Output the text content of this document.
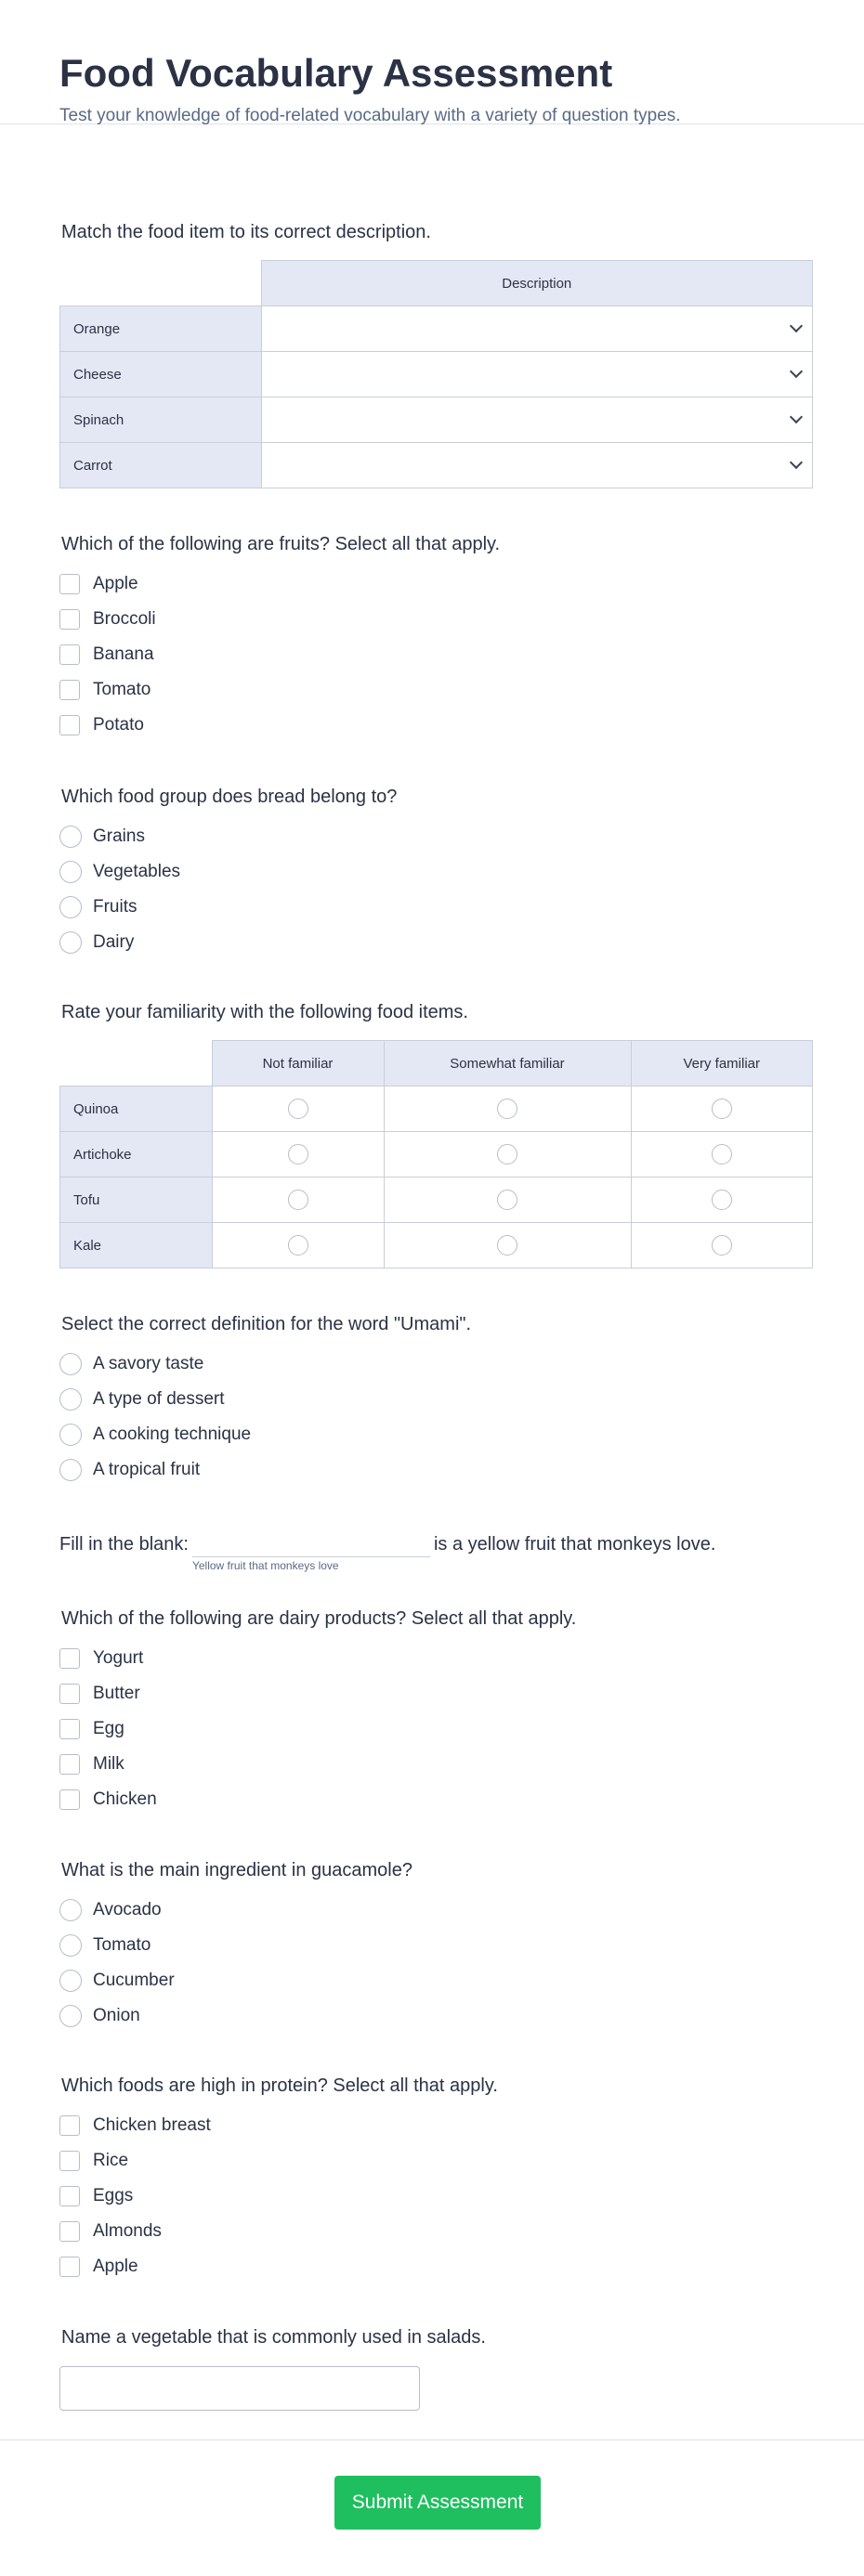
Food Vocabulary Assessment
Test your knowledge of food-related vocabulary with a variety of question types.
Match the food item to its correct description.
	Description
Orange	

Cheese	

Spinach	

Carrot	
Which of the following are fruits? Select all that apply.
Apple
Broccoli
Banana
Tomato
Potato
Which food group does bread belong to?
Grains
Vegetables
Fruits
Dairy
Rate your familiarity with the following food items.
	Not familiar	Somewhat familiar	Very familiar
Quinoa			
Artichoke			
Tofu			
Kale			
Select the correct definition for the word "Umami".
A savory taste
A type of dessert
A cooking technique
A tropical fruit
Fill in the blank:
Yellow fruit that monkeys love
is a yellow fruit that monkeys love.
Which of the following are dairy products? Select all that apply.
Yogurt
Butter
Egg
Milk
Chicken
What is the main ingredient in guacamole?
Avocado
Tomato
Cucumber
Onion
Which foods are high in protein? Select all that apply.
Chicken breast
Rice
Eggs
Almonds
Apple
Name a vegetable that is commonly used in salads.
Submit Assessment
